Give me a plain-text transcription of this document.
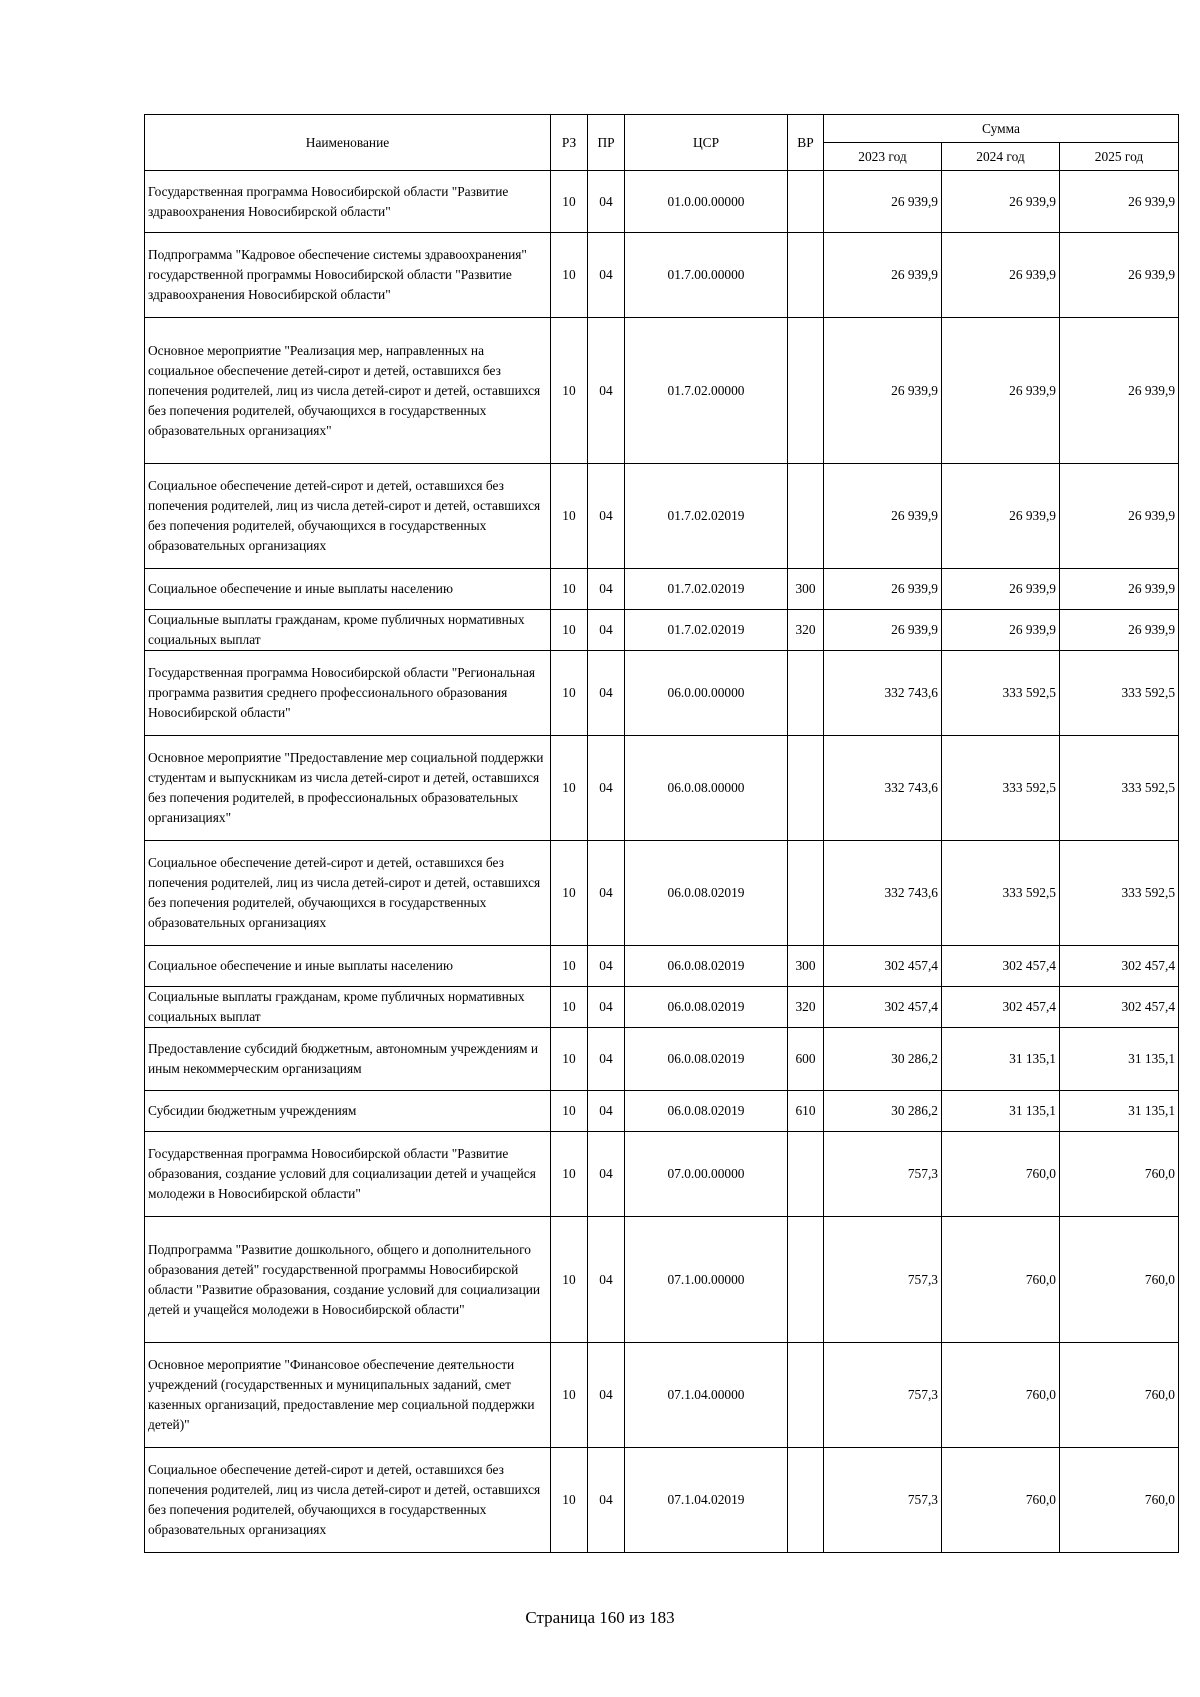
Наименование	РЗ	ПР	ЦСР	ВР	Сумма		
					2023 год	2024 год	2025 год
Государственная программа Новосибирской области "Развитие здравоохранения Новосибирской области"	10	04	01.0.00.00000		26 939,9	26 939,9	26 939,9
Подпрограмма "Кадровое обеспечение системы здравоохранения" государственной программы Новосибирской области "Развитие здравоохранения Новосибирской области"	10	04	01.7.00.00000		26 939,9	26 939,9	26 939,9
Основное мероприятие "Реализация мер, направленных на социальное обеспечение детей-сирот и детей, оставшихся без попечения родителей, лиц из числа детей-сирот и детей, оставшихся без попечения родителей, обучающихся в государственных образовательных организациях"	10	04	01.7.02.00000		26 939,9	26 939,9	26 939,9
Социальное обеспечение детей-сирот и детей, оставшихся без попечения родителей, лиц из числа детей-сирот и детей, оставшихся без попечения родителей, обучающихся в государственных образовательных организациях	10	04	01.7.02.02019		26 939,9	26 939,9	26 939,9
Социальное обеспечение и иные выплаты населению	10	04	01.7.02.02019	300	26 939,9	26 939,9	26 939,9
Социальные выплаты гражданам, кроме публичных нормативных социальных выплат	10	04	01.7.02.02019	320	26 939,9	26 939,9	26 939,9
Государственная программа Новосибирской области "Региональная программа развития среднего профессионального образования Новосибирской области"	10	04	06.0.00.00000		332 743,6	333 592,5	333 592,5
Основное мероприятие "Предоставление мер социальной поддержки студентам и выпускникам из числа детей-сирот и детей, оставшихся без попечения родителей, в профессиональных образовательных организациях"	10	04	06.0.08.00000		332 743,6	333 592,5	333 592,5
Социальное обеспечение детей-сирот и детей, оставшихся без попечения родителей, лиц из числа детей-сирот и детей, оставшихся без попечения родителей, обучающихся в государственных образовательных организациях	10	04	06.0.08.02019		332 743,6	333 592,5	333 592,5
Социальное обеспечение и иные выплаты населению	10	04	06.0.08.02019	300	302 457,4	302 457,4	302 457,4
Социальные выплаты гражданам, кроме публичных нормативных социальных выплат	10	04	06.0.08.02019	320	302 457,4	302 457,4	302 457,4
Предоставление субсидий бюджетным, автономным учреждениям и иным некоммерческим организациям	10	04	06.0.08.02019	600	30 286,2	31 135,1	31 135,1
Субсидии бюджетным учреждениям	10	04	06.0.08.02019	610	30 286,2	31 135,1	31 135,1
Государственная программа Новосибирской области "Развитие образования, создание условий для социализации детей и учащейся молодежи в Новосибирской области"	10	04	07.0.00.00000		757,3	760,0	760,0
Подпрограмма "Развитие дошкольного, общего и дополнительного образования детей" государственной программы Новосибирской области "Развитие образования, создание условий для социализации детей и учащейся молодежи в Новосибирской области"	10	04	07.1.00.00000		757,3	760,0	760,0
Основное мероприятие "Финансовое обеспечение деятельности учреждений (государственных и муниципальных заданий, смет казенных организаций, предоставление мер социальной поддержки детей)"	10	04	07.1.04.00000		757,3	760,0	760,0
Социальное обеспечение детей-сирот и детей, оставшихся без попечения родителей, лиц из числа детей-сирот и детей, оставшихся без попечения родителей, обучающихся в государственных образовательных организациях	10	04	07.1.04.02019		757,3	760,0	760,0
Страница 160 из 183
